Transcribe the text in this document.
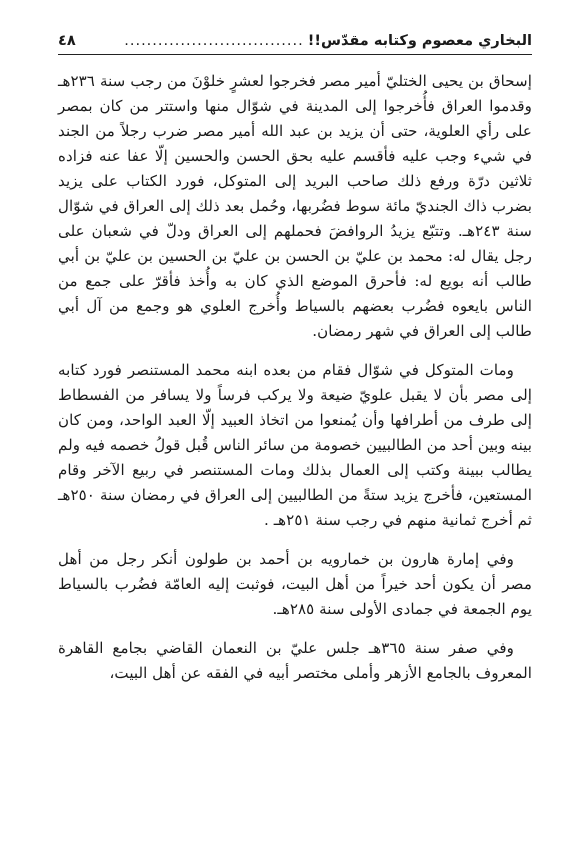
البخاري معصوم وكتابه مقدّس!!
................................
٤٨

إسحاق بن يحيى الختليّ أمير مصر فخرجوا لعشرٍ خلوْنَ من رجب سنة ٢٣٦هـ وقدموا العراق فأُخرجوا إلى المدينة في شوّال منها واستتر من كان بمصر على رأي العلوية، حتى أن يزيد بن عبد الله أمير مصر ضرب رجلاً من الجند في شيء وجب عليه فأقسم عليه بحق الحسن والحسين إلّا عفا عنه فزاده ثلاثين درّة ورفع ذلك صاحب البريد إلى المتوكل، فورد الكتاب على يزيد بضرب ذاك الجنديّ مائة سوط فضُربها، وحُمل بعد ذلك إلى العراق في شوّال سنة ٢٤٣هـ. وتتبّع يزيدُ الروافضَ فحملهم إلى العراق ودلّ في شعبان على رجل يقال له: محمد بن عليّ بن الحسن بن عليّ بن الحسين بن عليّ بن أبي طالب أنه بويع له: فأحرق الموضع الذي كان به وأُخذ فأقرّ على جمع من الناس بايعوه فضُرب بعضهم بالسياط وأُخرج العلوي هو وجمع من آل أبي طالب إلى العراق في شهر رمضان.

ومات المتوكل في شوّال فقام من بعده ابنه محمد المستنصر فورد كتابه إلى مصر بأن لا يقبل علويّ ضيعة ولا يركب فرساً ولا يسافر من الفسطاط إلى طرف من أطرافها وأن يُمنعوا من اتخاذ العبيد إلّا العبد الواحد، ومن كان بينه وبين أحد من الطالبيين خصومة من سائر الناس قُبل قولُ خصمه فيه ولم يطالب ببينة وكتب إلى العمال بذلك ومات المستنصر في ربيع الآخر وقام المستعين، فأخرج يزيد ستةً من الطالبيين إلى العراق في رمضان سنة ٢٥٠هـ ثم أخرج ثمانية منهم في رجب سنة ٢٥١هـ .

وفي إمارة هارون بن خمارويه بن أحمد بن طولون أنكر رجل من أهل مصر أن يكون أحد خيراً من أهل البيت، فوثبت إليه العامّة فضُرب بالسياط يوم الجمعة في جمادى الأولى سنة ٢٨٥هـ.

وفي صفر سنة ٣٦٥هـ جلس عليّ بن النعمان القاضي بجامع القاهرة المعروف بالجامع الأزهر وأملى مختصر أبيه في الفقه عن أهل البيت،
